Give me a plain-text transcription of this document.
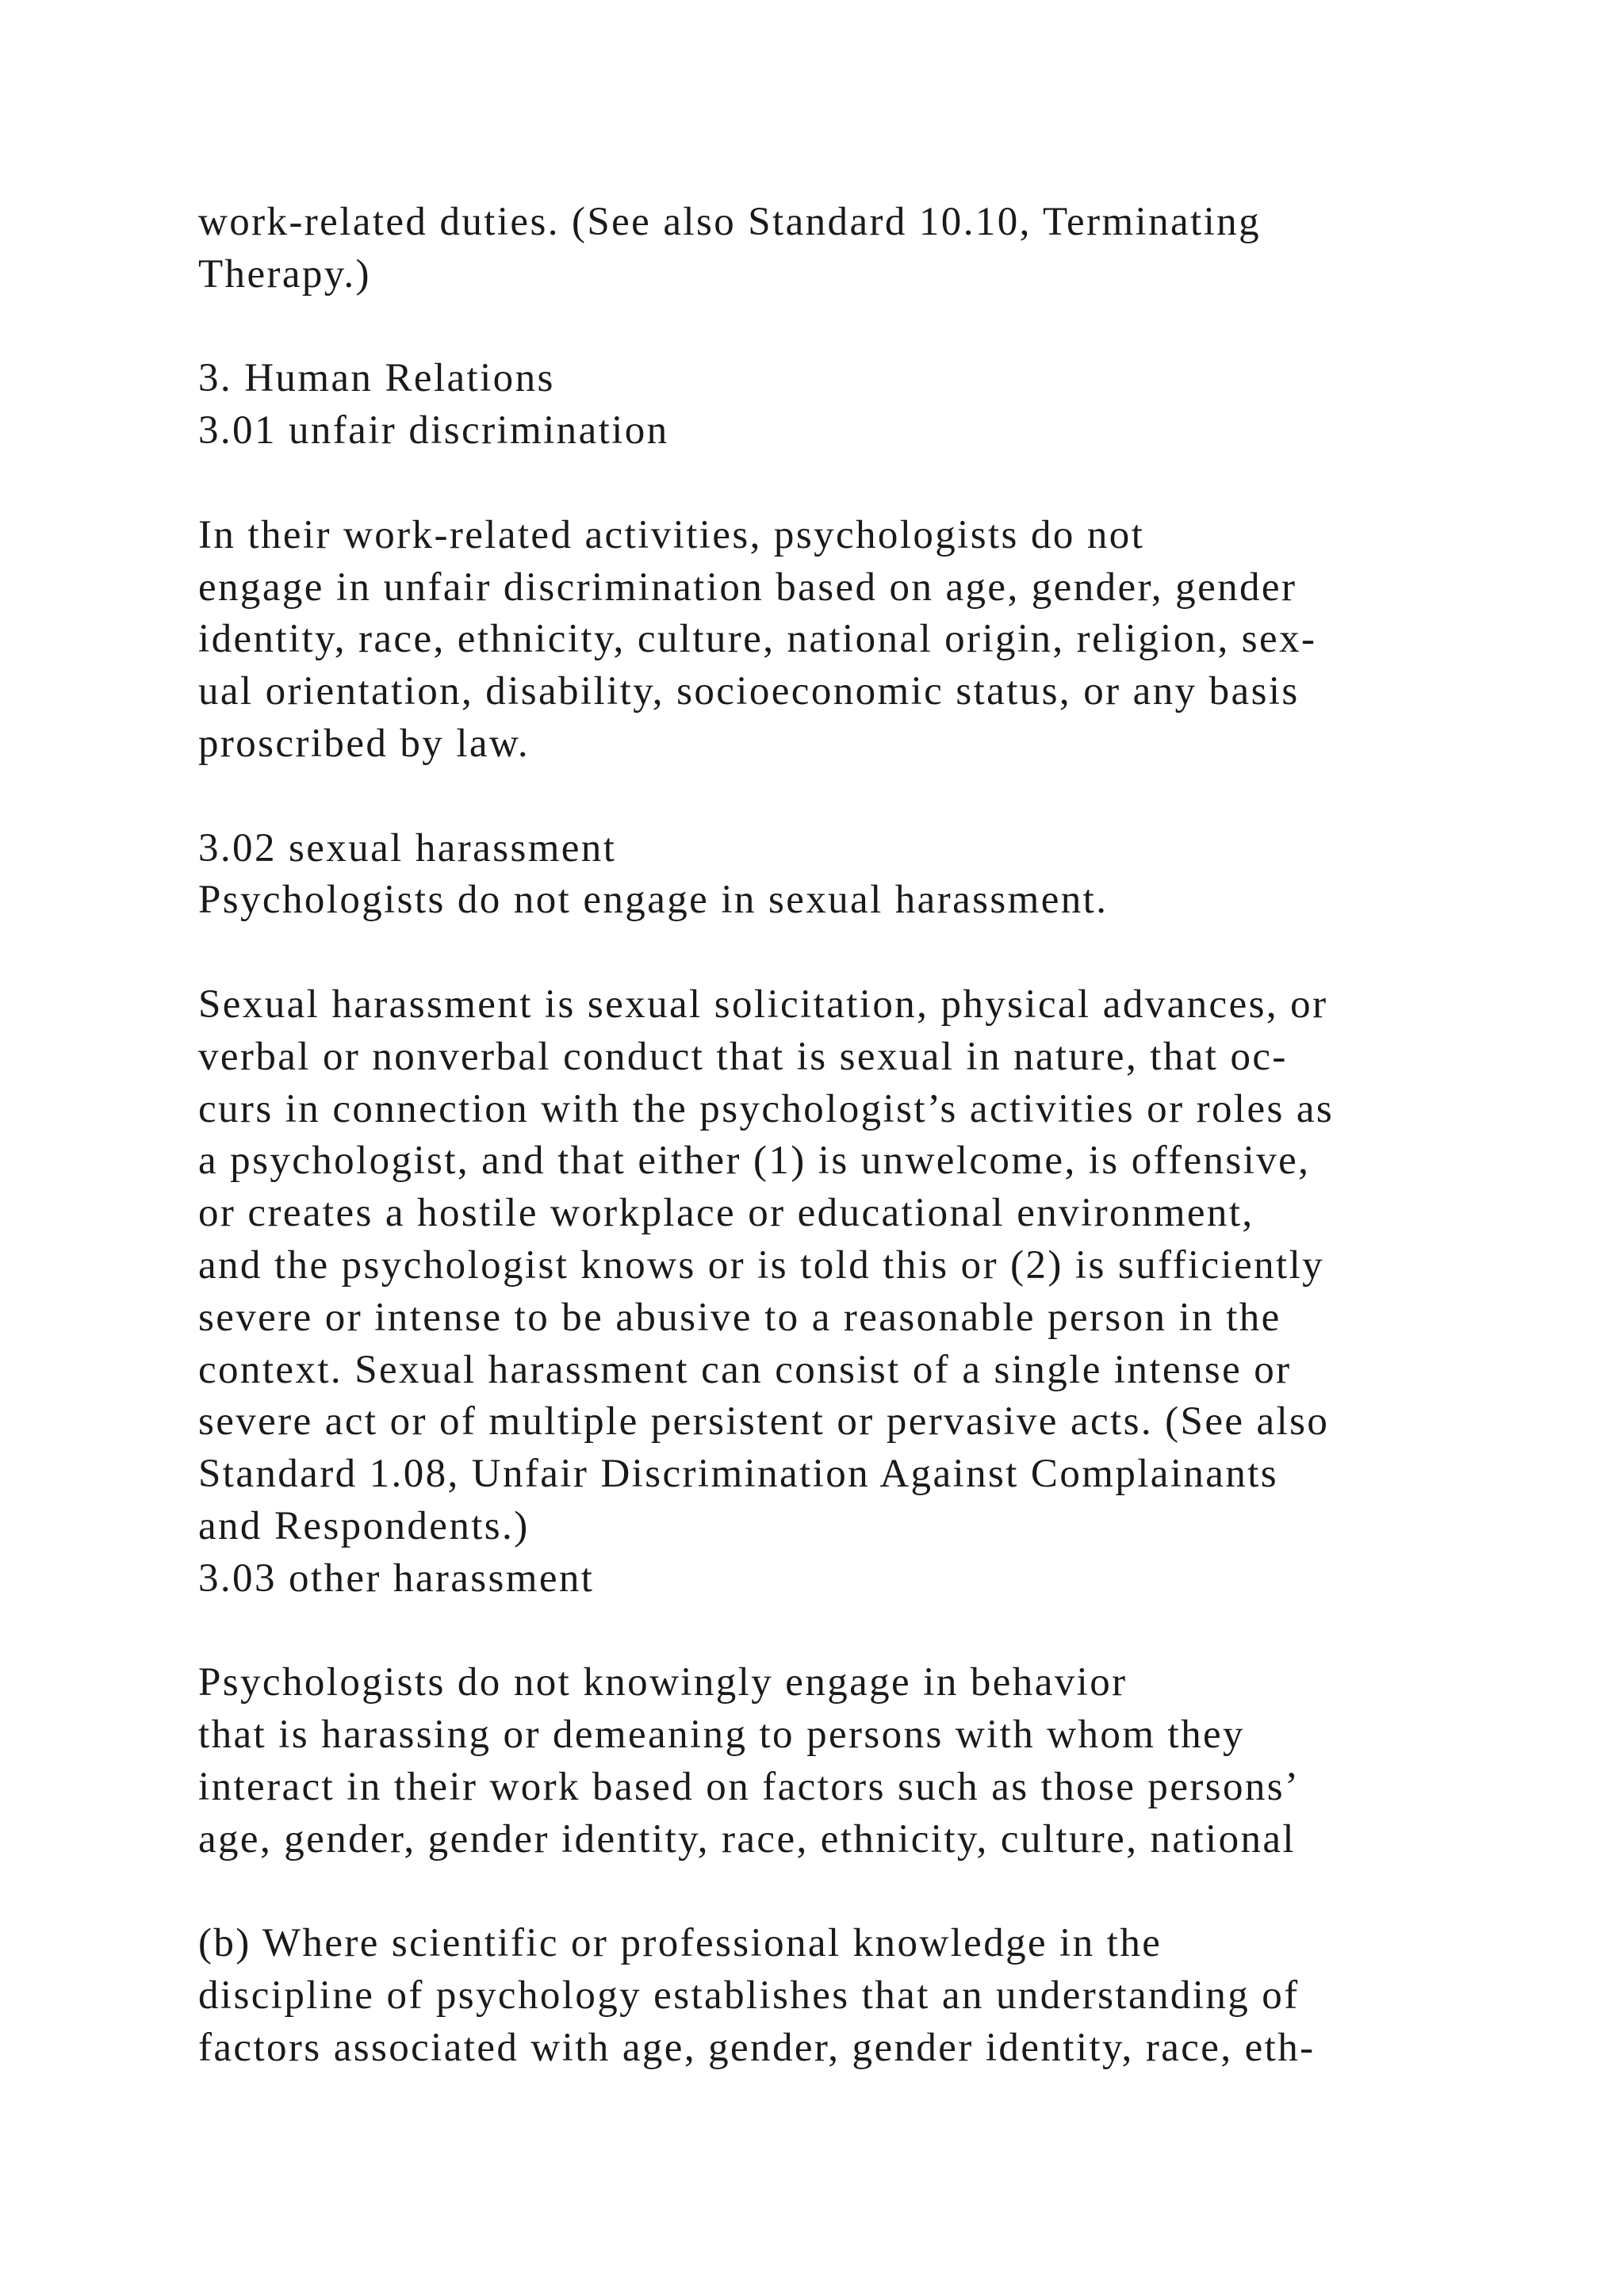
work-related duties. (See also Standard 10.10, Terminating
Therapy.)
3. Human Relations
3.01 unfair discrimination
In their work-related activities, psychologists do not
engage in unfair discrimination based on age, gender, gender
identity, race, ethnicity, culture, national origin, religion, sex-
ual orientation, disability, socioeconomic status, or any basis
proscribed by law.
3.02 sexual harassment
Psychologists do not engage in sexual harassment.
Sexual harassment is sexual solicitation, physical advances, or
verbal or nonverbal conduct that is sexual in nature, that oc-
curs in connection with the psychologist’s activities or roles as
a psychologist, and that either (1) is unwelcome, is offensive,
or creates a hostile workplace or educational environment,
and the psychologist knows or is told this or (2) is sufficiently
severe or intense to be abusive to a reasonable person in the
context. Sexual harassment can consist of a single intense or
severe act or of multiple persistent or pervasive acts. (See also
Standard 1.08, Unfair Discrimination Against Complainants
and Respondents.)
3.03 other harassment
Psychologists do not knowingly engage in behavior
that is harassing or demeaning to persons with whom they
interact in their work based on factors such as those persons’
age, gender, gender identity, race, ethnicity, culture, national
(b) Where scientific or professional knowledge in the
discipline of psychology establishes that an understanding of
factors associated with age, gender, gender identity, race, eth-
